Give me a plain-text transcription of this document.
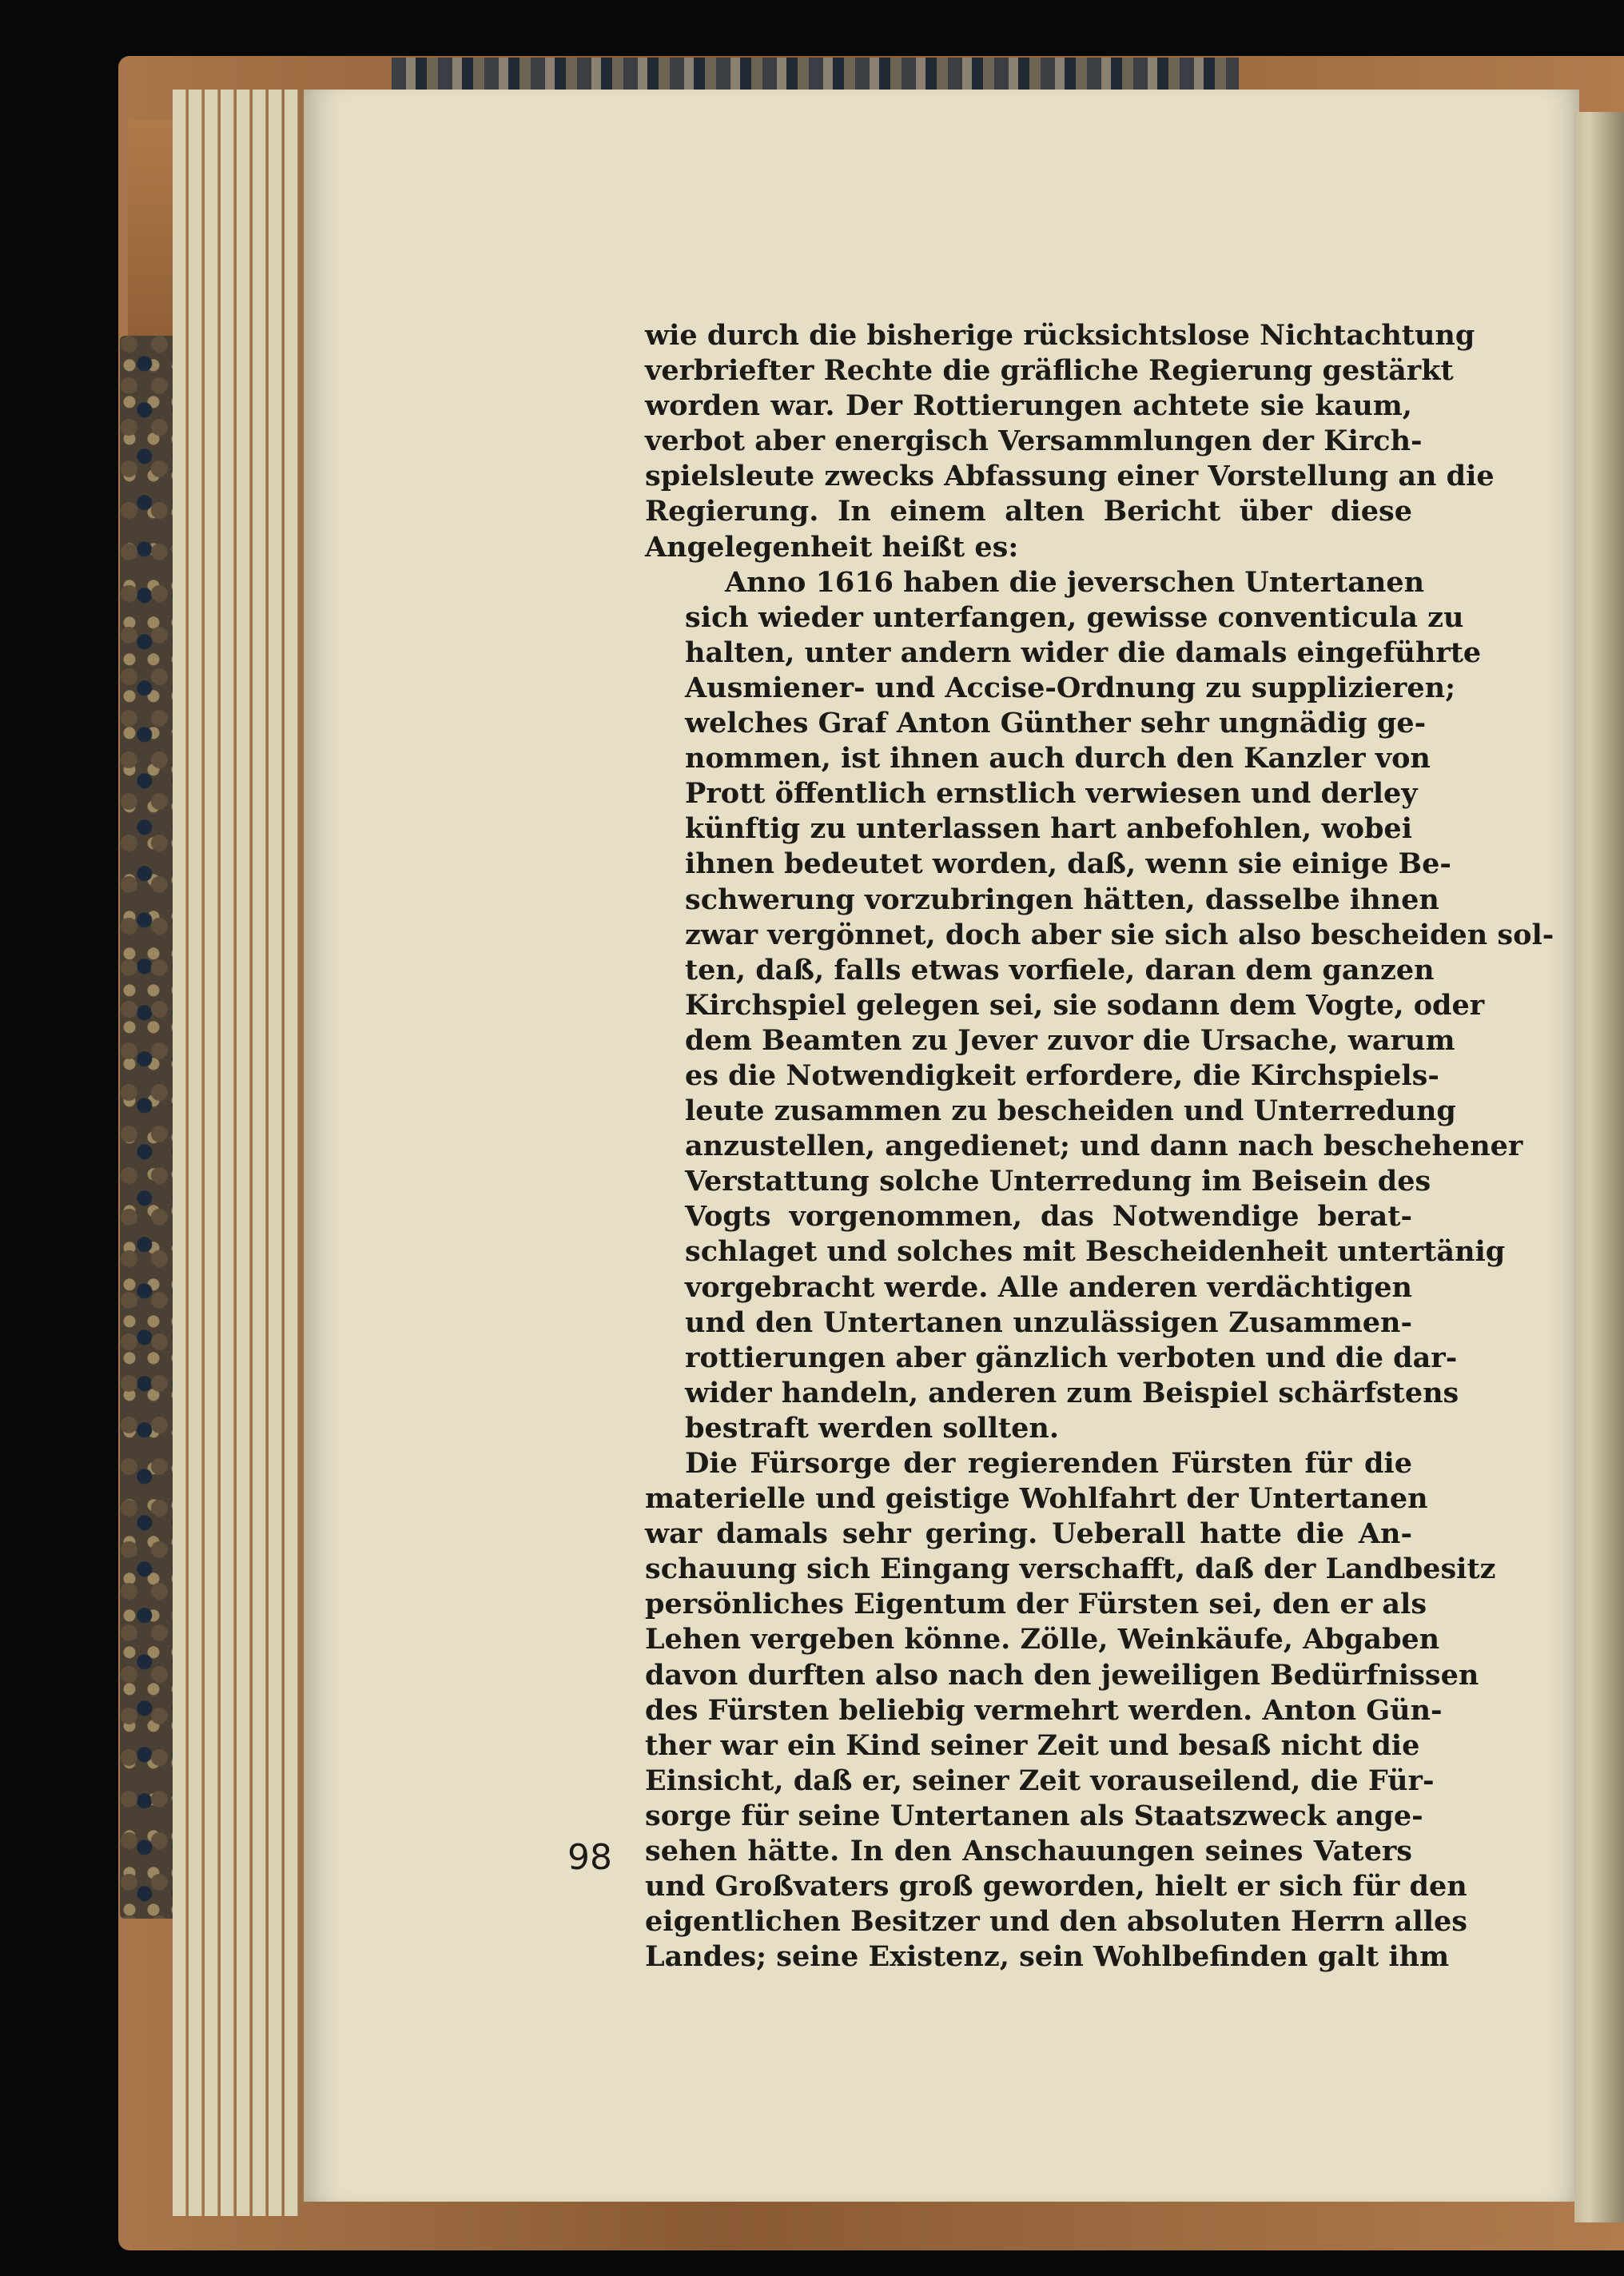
wie durch die bisherige rücksichtslose Nichtachtung
verbriefter Rechte die gräfliche Regierung gestärkt
worden war. Der Rottierungen achtete sie kaum,
verbot aber energisch Versammlungen der Kirch-
spielsleute zwecks Abfassung einer Vorstellung an die
Regierung. In einem alten Bericht über diese
Angelegenheit heißt es:
Anno 1616 haben die jeverschen Untertanen
sich wieder unterfangen, gewisse conventicula zu
halten, unter andern wider die damals eingeführte
Ausmiener- und Accise-Ordnung zu supplizieren;
welches Graf Anton Günther sehr ungnädig ge-
nommen, ist ihnen auch durch den Kanzler von
Prott öffentlich ernstlich verwiesen und derley
künftig zu unterlassen hart anbefohlen, wobei
ihnen bedeutet worden, daß, wenn sie einige Be-
schwerung vorzubringen hätten, dasselbe ihnen
zwar vergönnet, doch aber sie sich also bescheiden sol-
ten, daß, falls etwas vorfiele, daran dem ganzen
Kirchspiel gelegen sei, sie sodann dem Vogte, oder
dem Beamten zu Jever zuvor die Ursache, warum
es die Notwendigkeit erfordere, die Kirchspiels-
leute zusammen zu bescheiden und Unterredung
anzustellen, angedienet; und dann nach beschehener
Verstattung solche Unterredung im Beisein des
Vogts vorgenommen, das Notwendige berat-
schlaget und solches mit Bescheidenheit untertänig
vorgebracht werde. Alle anderen verdächtigen
und den Untertanen unzulässigen Zusammen-
rottierungen aber gänzlich verboten und die dar-
wider handeln, anderen zum Beispiel schärfstens
bestraft werden sollten.
Die Fürsorge der regierenden Fürsten für die
materielle und geistige Wohlfahrt der Untertanen
war damals sehr gering. Ueberall hatte die An-
schauung sich Eingang verschafft, daß der Landbesitz
persönliches Eigentum der Fürsten sei, den er als
Lehen vergeben könne. Zölle, Weinkäufe, Abgaben
davon durften also nach den jeweiligen Bedürfnissen
des Fürsten beliebig vermehrt werden. Anton Gün-
ther war ein Kind seiner Zeit und besaß nicht die
Einsicht, daß er, seiner Zeit vorauseilend, die Für-
sorge für seine Untertanen als Staatszweck ange-
sehen hätte. In den Anschauungen seines Vaters
und Großvaters groß geworden, hielt er sich für den
eigentlichen Besitzer und den absoluten Herrn alles
Landes; seine Existenz, sein Wohlbefinden galt ihm
98
